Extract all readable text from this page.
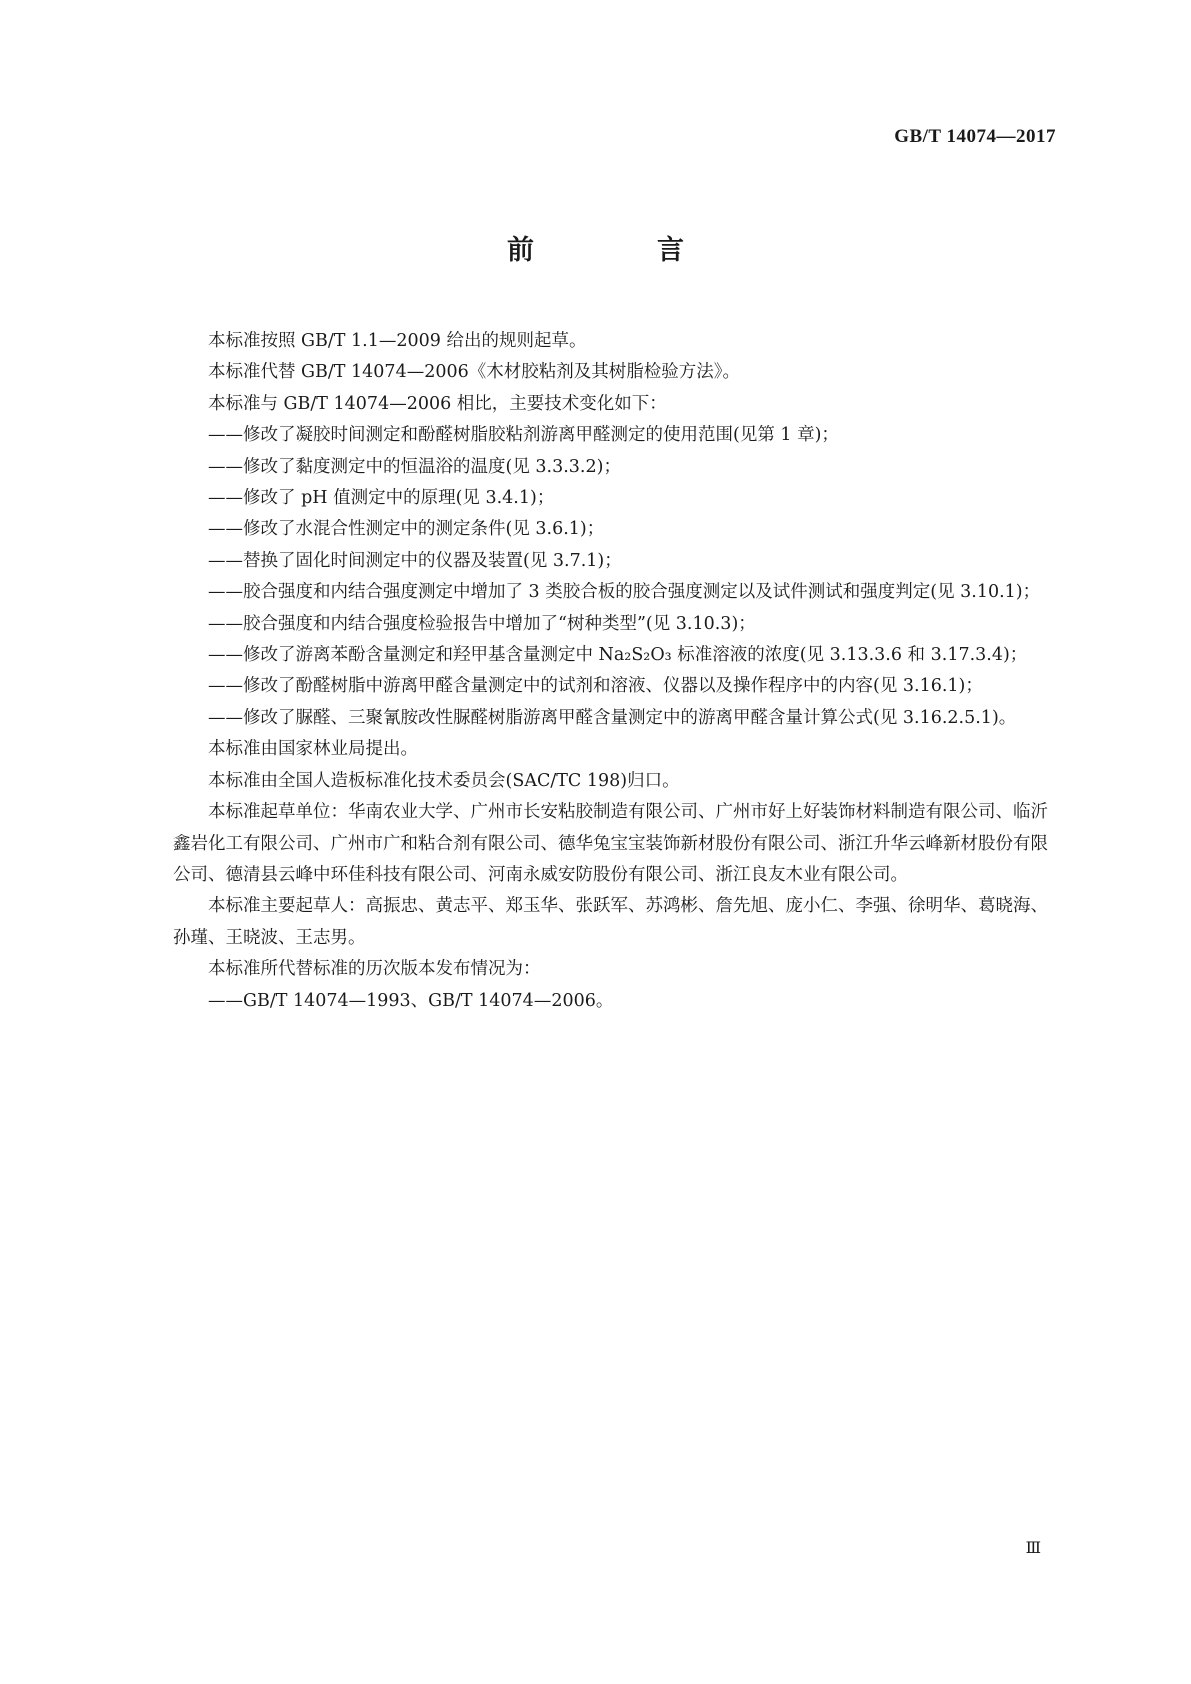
GB/T 14074—2017
前　言

本标准按照 GB/T 1.1—2009 给出的规则起草。

本标准代替 GB/T 14074—2006《木材胶粘剂及其树脂检验方法》。

本标准与 GB/T 14074—2006 相比，主要技术变化如下：

——修改了凝胶时间测定和酚醛树脂胶粘剂游离甲醛测定的使用范围(见第 1 章)；

——修改了黏度测定中的恒温浴的温度(见 3.3.3.2)；

——修改了 pH 值测定中的原理(见 3.4.1)；

——修改了水混合性测定中的测定条件(见 3.6.1)；

——替换了固化时间测定中的仪器及装置(见 3.7.1)；

——胶合强度和内结合强度测定中增加了 3 类胶合板的胶合强度测定以及试件测试和强度判定(见 3.10.1)；

——胶合强度和内结合强度检验报告中增加了“树种类型”(见 3.10.3)；

——修改了游离苯酚含量测定和羟甲基含量测定中 Na₂S₂O₃ 标准溶液的浓度(见 3.13.3.6 和 3.17.3.4)；

——修改了酚醛树脂中游离甲醛含量测定中的试剂和溶液、仪器以及操作程序中的内容(见 3.16.1)；

——修改了脲醛、三聚氰胺改性脲醛树脂游离甲醛含量测定中的游离甲醛含量计算公式(见 3.16.2.5.1)。

本标准由国家林业局提出。

本标准由全国人造板标准化技术委员会(SAC/TC 198)归口。

本标准起草单位：华南农业大学、广州市长安粘胶制造有限公司、广州市好上好装饰材料制造有限公司、临沂鑫岩化工有限公司、广州市广和粘合剂有限公司、德华兔宝宝装饰新材股份有限公司、浙江升华云峰新材股份有限公司、德清县云峰中环佳科技有限公司、河南永威安防股份有限公司、浙江良友木业有限公司。

本标准主要起草人：高振忠、黄志平、郑玉华、张跃军、苏鸿彬、詹先旭、庞小仁、李强、徐明华、葛晓海、孙瑾、王晓波、王志男。

本标准所代替标准的历次版本发布情况为：

——GB/T 14074—1993、GB/T 14074—2006。

Ⅲ
